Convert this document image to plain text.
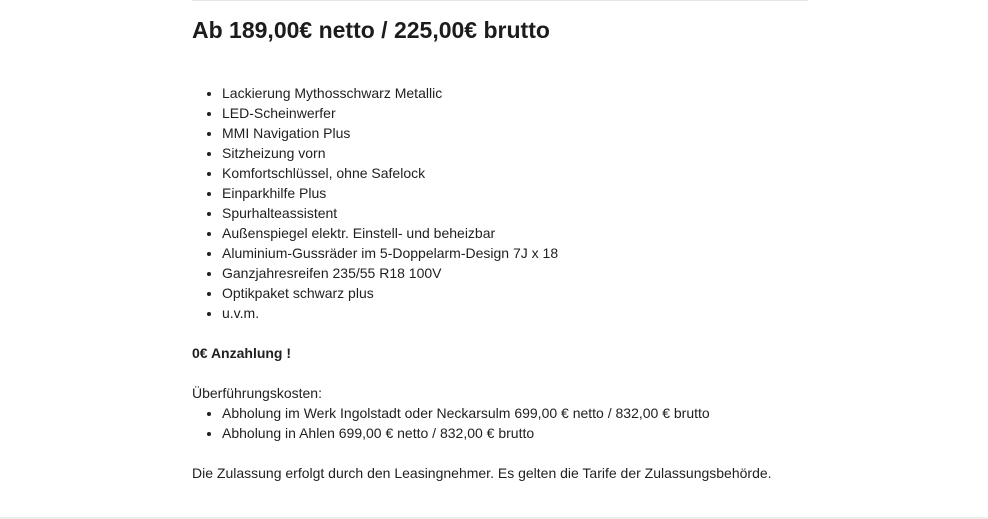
Ab 189,00€ netto / 225,00€ brutto
• Lackierung Mythosschwarz Metallic
• LED-Scheinwerfer
• MMI Navigation Plus
• Sitzheizung vorn
• Komfortschlüssel, ohne Safelock
• Einparkhilfe Plus
• Spurhalteassistent
• Außenspiegel elektr. Einstell- und beheizbar
• Aluminium-Gussräder im 5-Doppelarm-Design 7J x 18
• Ganzjahresreifen 235/55 R18 100V
• Optikpaket schwarz plus
• u.v.m.

0€ Anzahlung !

Überführungskosten:

• Abholung im Werk Ingolstadt oder Neckarsulm 699,00 € netto / 832,00 € brutto
• Abholung in Ahlen 699,00 € netto / 832,00 € brutto

Die Zulassung erfolgt durch den Leasingnehmer. Es gelten die Tarife der Zulassungsbehörde.
